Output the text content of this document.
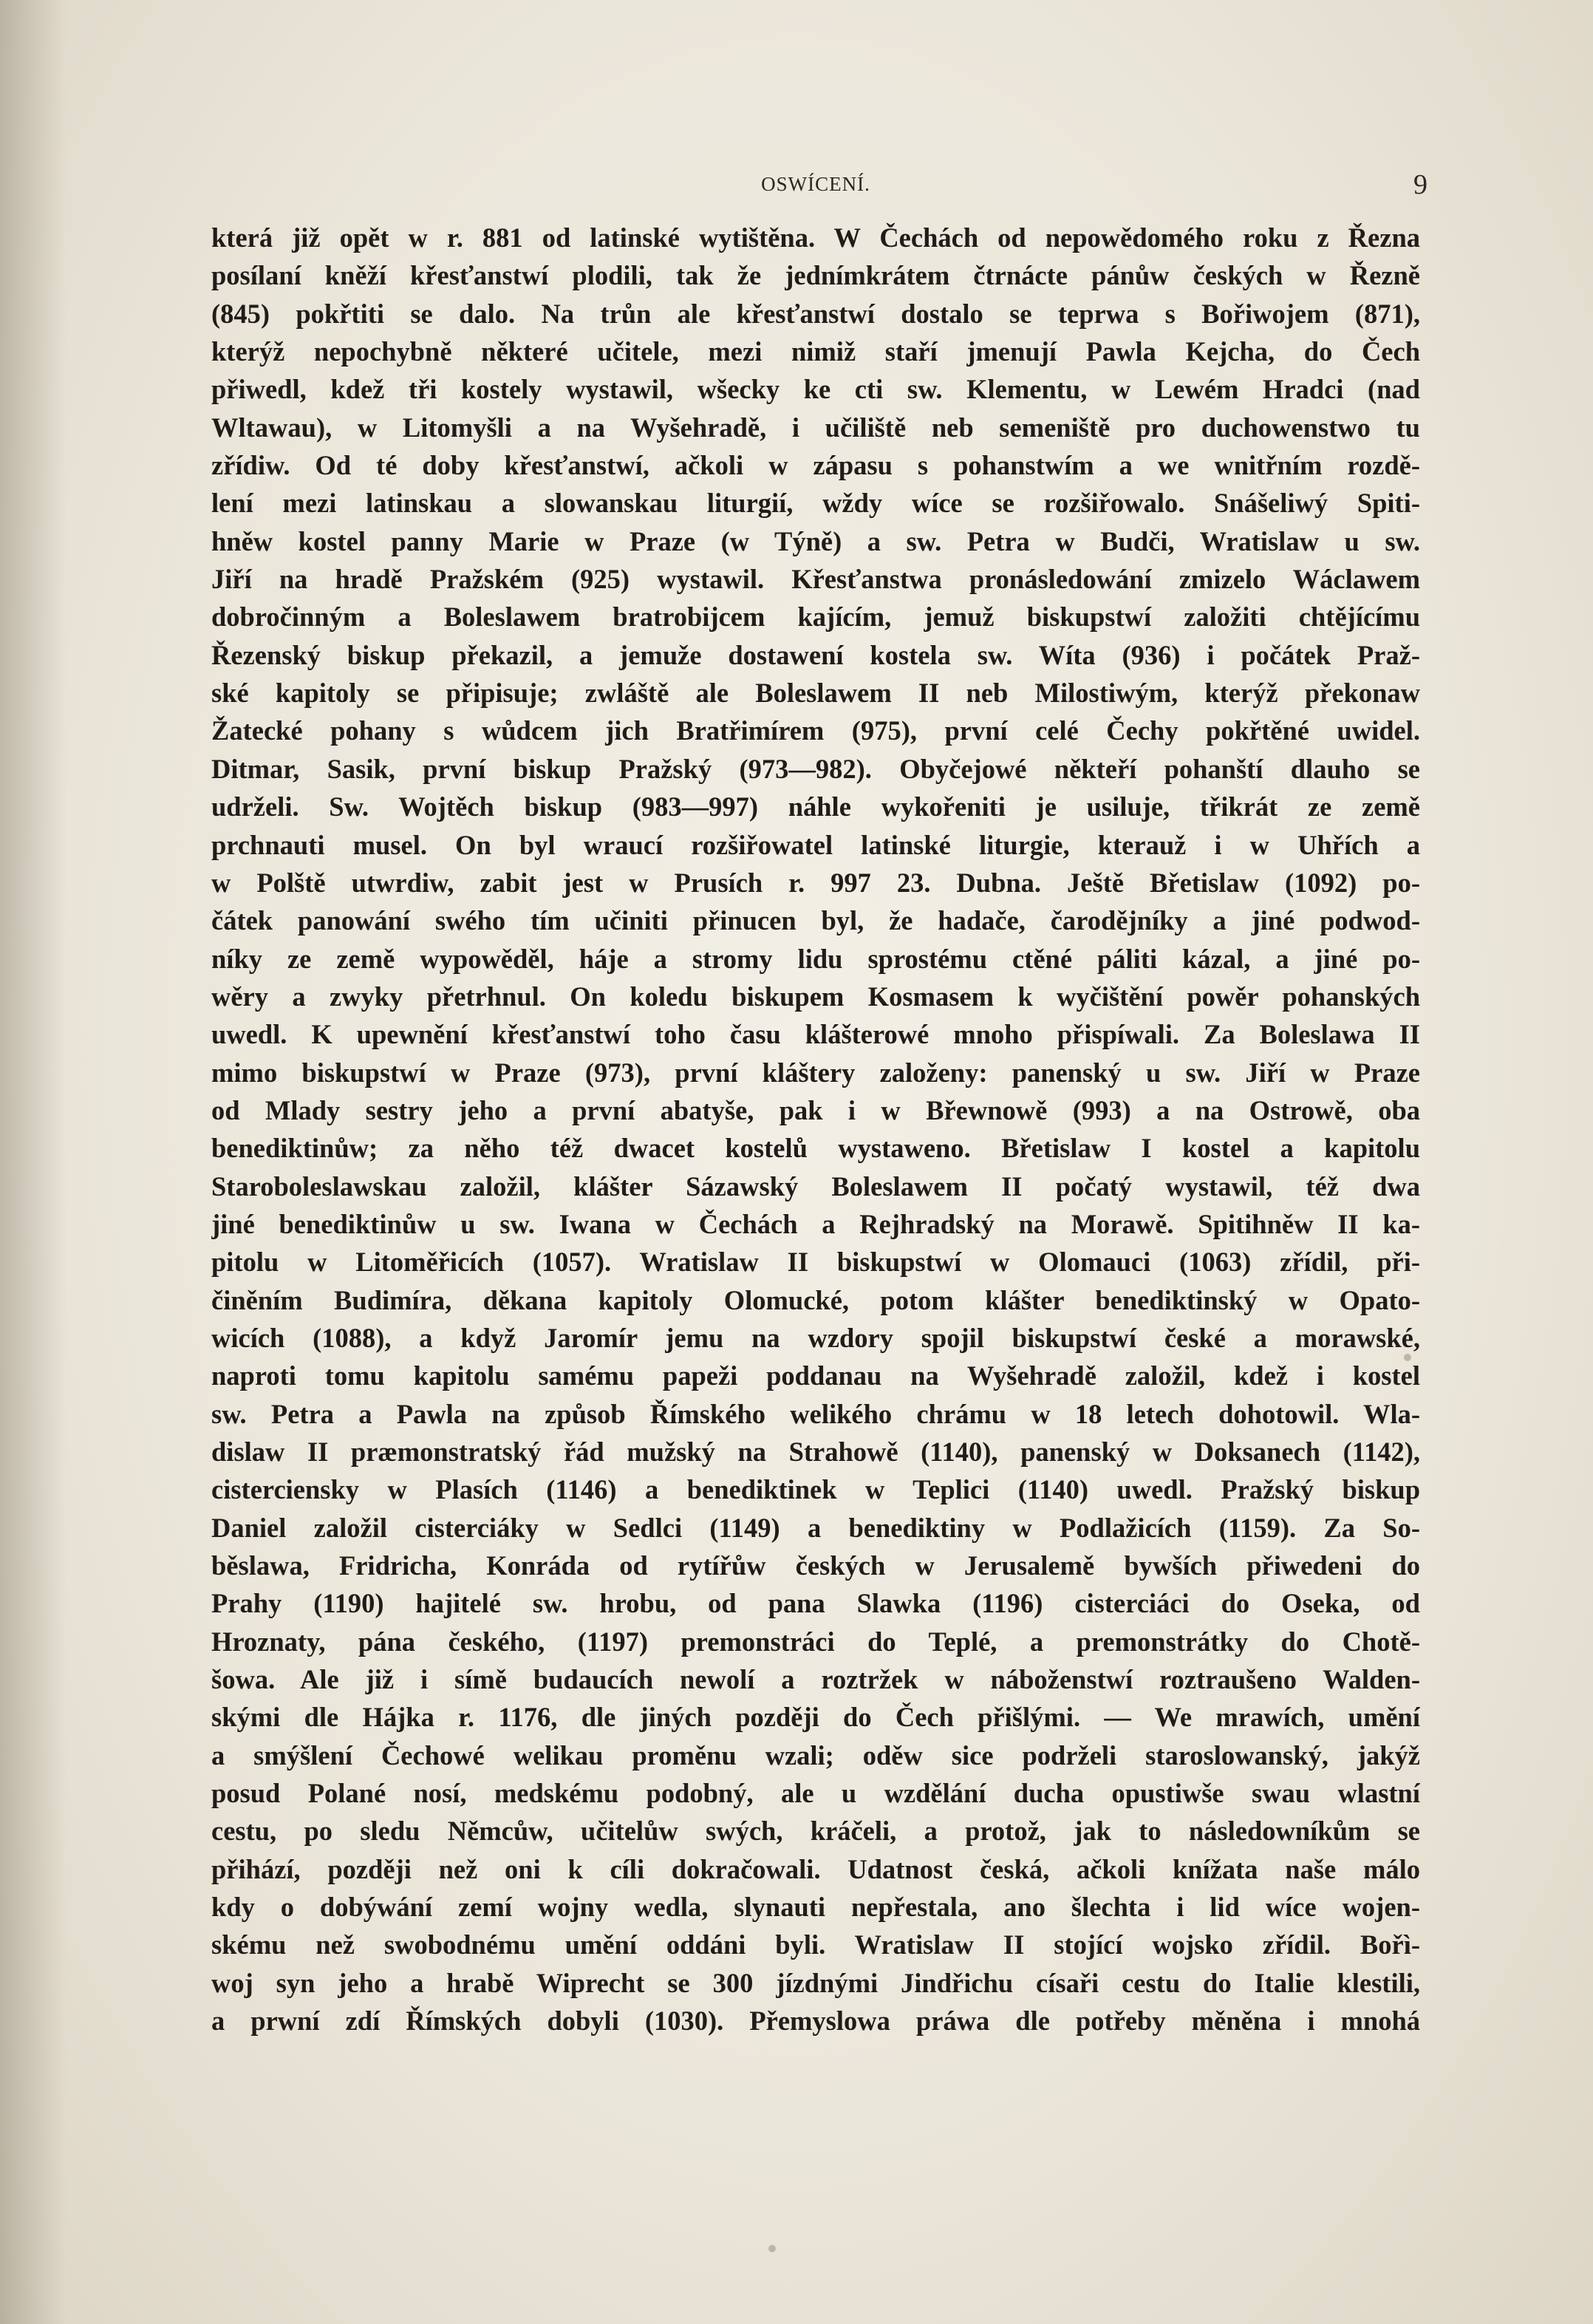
OSWÍCENÍ.	9
která již opět w r. 881 od latinské wytištěna. W Čechách od nepowědomého roku z Řezna
posílaní kněží křesťanstwí plodili, tak že jednímkrátem čtrnácte pánůw českých w Řezně
(845) pokřtiti se dalo. Na trůn ale křesťanstwí dostalo se teprwa s Bořiwojem (871),
kterýž nepochybně některé učitele, mezi nimiž staří jmenují Pawla Kejcha, do Čech
přiwedl, kdež tři kostely wystawil, wšecky ke cti sw. Klementu, w Lewém Hradci (nad
Wltawau), w Litomyšli a na Wyšehradě, i učiliště neb semeniště pro duchowenstwo tu
zřídiw. Od té doby křesťanstwí, ačkoli w zápasu s pohanstwím a we wnitřním rozdě-
lení mezi latinskau a slowanskau liturgií, wždy wíce se rozšiřowalo. Snášeliwý Spiti-
hněw kostel panny Marie w Praze (w Týně) a sw. Petra w Budči, Wratislaw u sw.
Jiří na hradě Pražském (925) wystawil. Křesťanstwa pronásledowání zmizelo Wáclawem
dobročinným a Boleslawem bratrobijcem kajícím, jemuž biskupstwí založiti chtějícímu
Řezenský biskup překazil, a jemuže dostawení kostela sw. Wíta (936) i počátek Praž-
ské kapitoly se připisuje; zwláště ale Boleslawem II neb Milostiwým, kterýž překonaw
Žatecké pohany s wůdcem jich Bratřimírem (975), první celé Čechy pokřtěné uwidel.
Ditmar, Sasik, první biskup Pražský (973—982). Obyčejowé někteří pohanští dlauho se
udrželi. Sw. Wojtěch biskup (983—997) náhle wykořeniti je usiluje, třikrát ze země
prchnauti musel. On byl wraucí rozšiřowatel latinské liturgie, kterauž i w Uhřích a
w Polště utwrdiw, zabit jest w Prusích r. 997 23. Dubna. Ještě Břetislaw (1092) po-
čátek panowání swého tím učiniti přinucen byl, že hadače, čarodějníky a jiné podwod-
níky ze země wypowěděl, háje a stromy lidu sprostému ctěné páliti kázal, a jiné po-
wěry a zwyky přetrhnul. On koledu biskupem Kosmasem k wyčištění powěr pohanských
uwedl. K upewnění křesťanstwí toho času klášterowé mnoho přispíwali. Za Boleslawa II
mimo biskupstwí w Praze (973), první kláštery založeny: panenský u sw. Jiří w Praze
od Mlady sestry jeho a první abatyše, pak i w Břewnowě (993) a na Ostrowě, oba
benediktinůw; za něho též dwacet kostelů wystaweno. Břetislaw I kostel a kapitolu
Staroboleslawskau založil, klášter Sázawský Boleslawem II počatý wystawil, též dwa
jiné benediktinůw u sw. Iwana w Čechách a Rejhradský na Morawě. Spitihněw II ka-
pitolu w Litoměřicích (1057). Wratislaw II biskupstwí w Olomauci (1063) zřídil, při-
činěním Budimíra, děkana kapitoly Olomucké, potom klášter benediktinský w Opato-
wicích (1088), a když Jaromír jemu na wzdory spojil biskupstwí české a morawské,
naproti tomu kapitolu samému papeži poddanau na Wyšehradě založil, kdež i kostel
sw. Petra a Pawla na způsob Římského welikého chrámu w 18 letech dohotowil. Wla-
dislaw II præmonstratský řád mužský na Strahowě (1140), panenský w Doksanech (1142),
cisterciensky w Plasích (1146) a benediktinek w Teplici (1140) uwedl. Pražský biskup
Daniel založil cisterciáky w Sedlci (1149) a benediktiny w Podlažicích (1159). Za So-
běslawa, Fridricha, Konráda od rytířůw českých w Jerusalemě bywších přiwedeni do
Prahy (1190) hajitelé sw. hrobu, od pana Slawka (1196) cisterciáci do Oseka, od
Hroznaty, pána českého, (1197) premonstráci do Teplé, a premonstrátky do Chotě-
šowa. Ale již i símě budaucích newolí a roztržek w náboženstwí roztraušeno Walden-
skými dle Hájka r. 1176, dle jiných později do Čech přišlými. — We mrawích, umění
a smýšlení Čechowé welikau proměnu wzali; oděw sice podrželi staroslowanský, jakýž
posud Polané nosí, medskému podobný, ale u wzdělání ducha opustiwše swau wlastní
cestu, po sledu Němcůw, učitelůw swých, kráčeli, a protož, jak to následowníkům se
přihází, později než oni k cíli dokračowali. Udatnost česká, ačkoli knížata naše málo
kdy o dobýwání zemí wojny wedla, slynauti nepřestala, ano šlechta i lid wíce wojen-
skému než swobodnému umění oddáni byli. Wratislaw II stojící wojsko zřídil. Bořì-
woj syn jeho a hrabě Wiprecht se 300 jízdnými Jindřichu císaři cestu do Italie klestili,
a prwní zdí Římských dobyli (1030). Přemyslowa práwa dle potřeby měněna i mnohá
